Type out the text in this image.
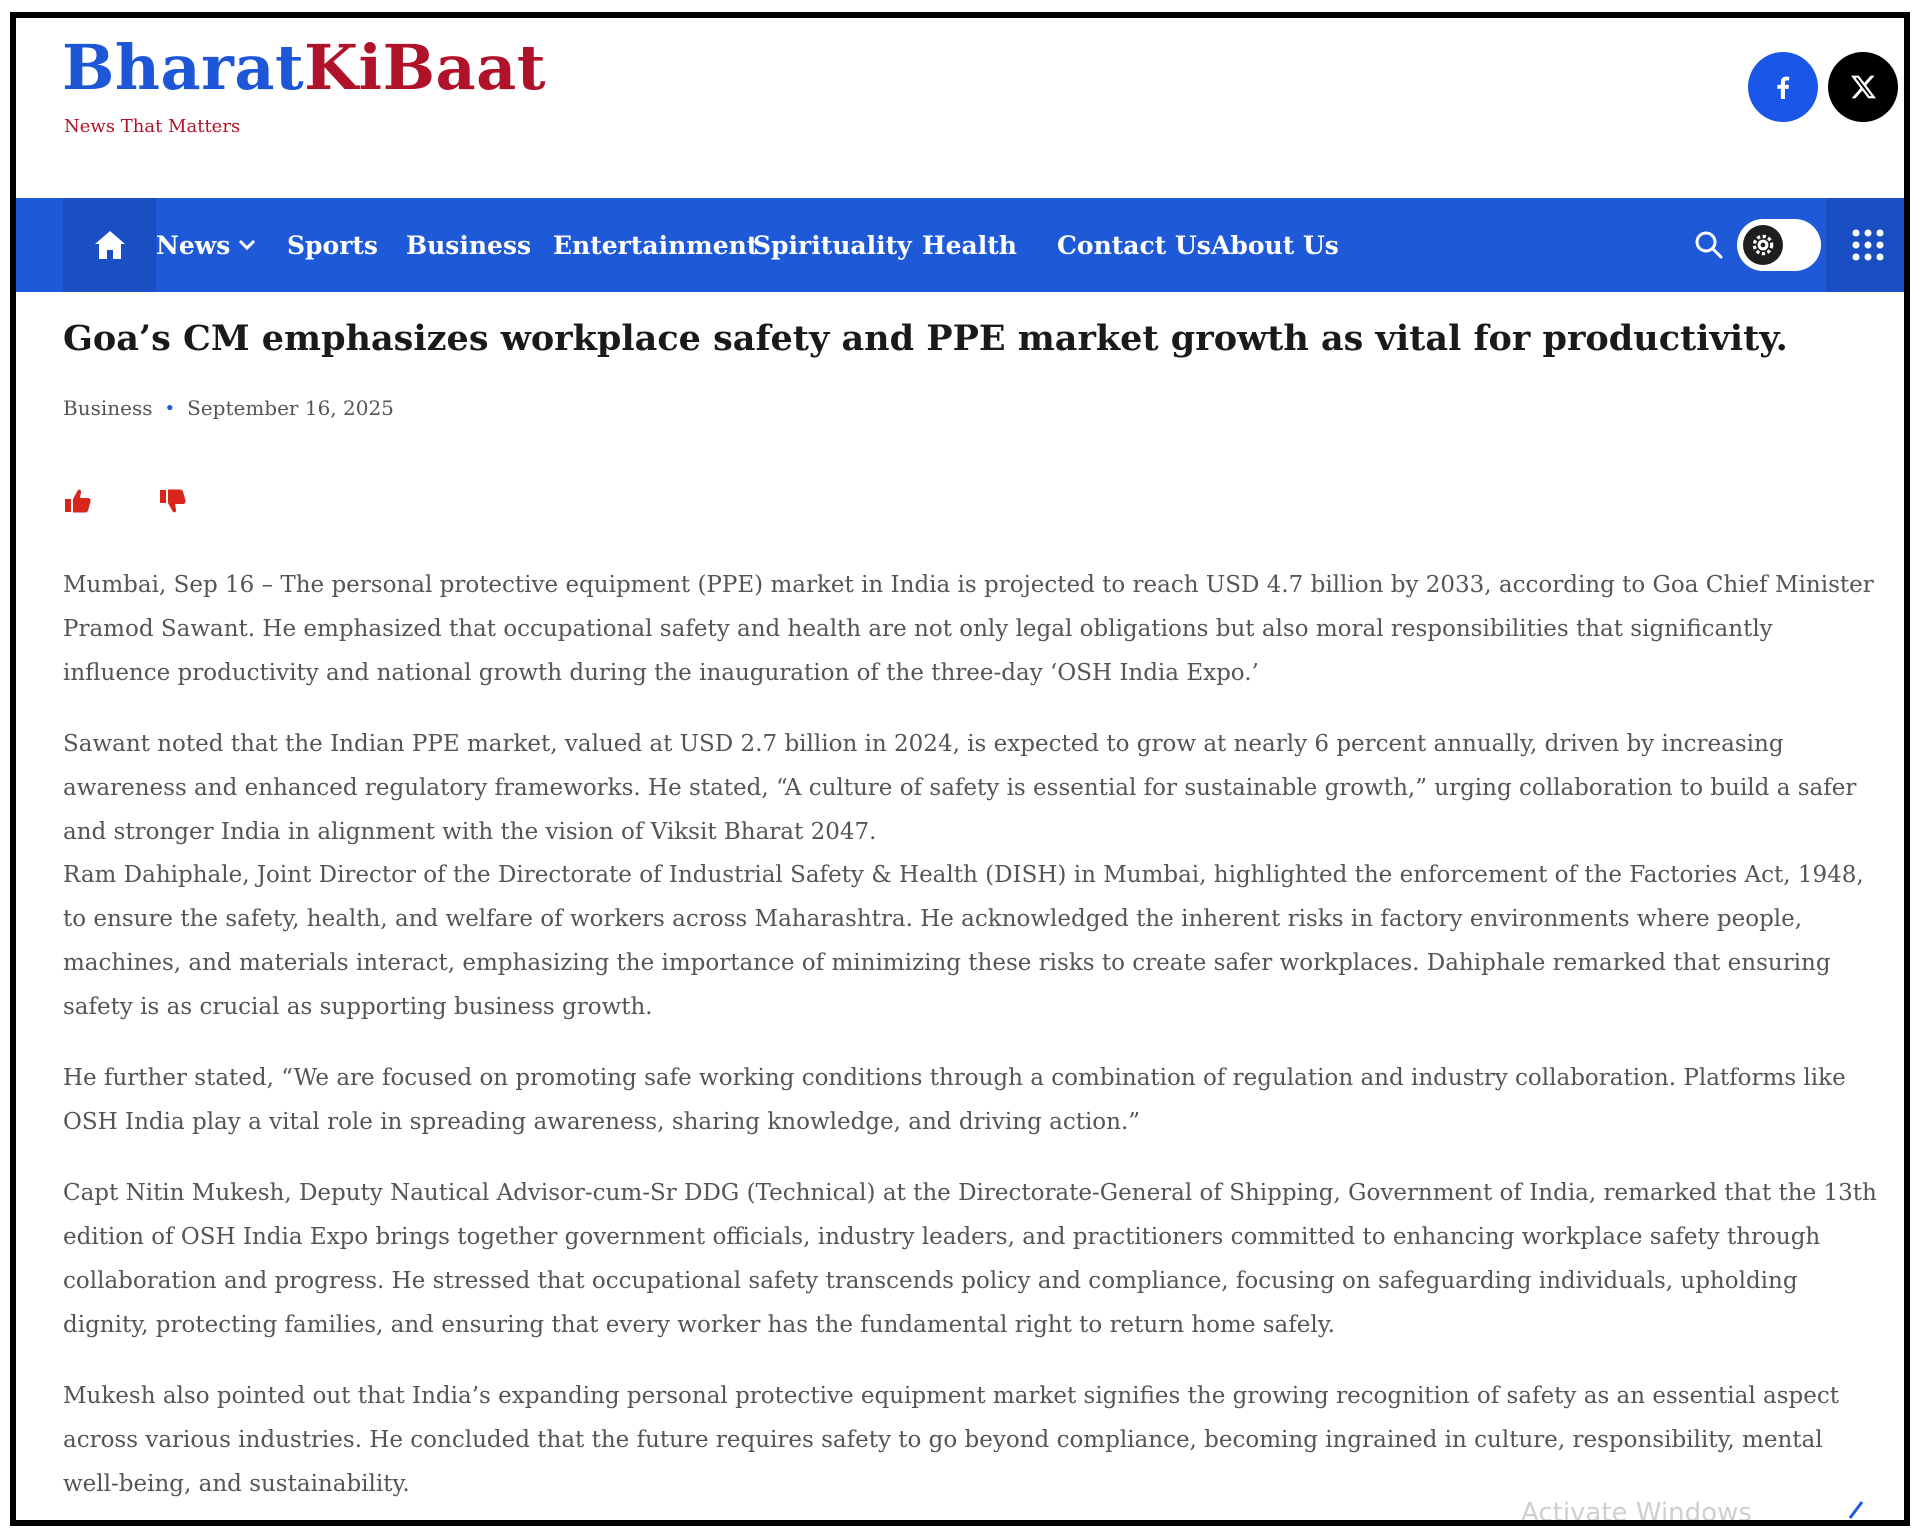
BharatKiBaat
News That Matters
News Sports Business Entertainment
Spirituality Health Contact Us About Us
Goa’s CM emphasizes workplace safety and PPE market growth as vital for productivity.
Business • September 16, 2025

Mumbai, Sep 16 – The personal protective equipment (PPE) market in India is projected to reach USD 4.7 billion by 2033, according to Goa Chief Minister Pramod Sawant. He emphasized that occupational safety and health are not only legal obligations but also moral responsibilities that significantly influence productivity and national growth during the inauguration of the three-day ‘OSH India Expo.’

Sawant noted that the Indian PPE market, valued at USD 2.7 billion in 2024, is expected to grow at nearly 6 percent annually, driven by increasing awareness and enhanced regulatory frameworks. He stated, “A culture of safety is essential for sustainable growth,” urging collaboration to build a safer and stronger India in alignment with the vision of Viksit Bharat 2047.

Ram Dahiphale, Joint Director of the Directorate of Industrial Safety & Health (DISH) in Mumbai, highlighted the enforcement of the Factories Act, 1948, to ensure the safety, health, and welfare of workers across Maharashtra. He acknowledged the inherent risks in factory environments where people, machines, and materials interact, emphasizing the importance of minimizing these risks to create safer workplaces. Dahiphale remarked that ensuring safety is as crucial as supporting business growth.

He further stated, “We are focused on promoting safe working conditions through a combination of regulation and industry collaboration. Platforms like OSH India play a vital role in spreading awareness, sharing knowledge, and driving action.”

Capt Nitin Mukesh, Deputy Nautical Advisor-cum-Sr DDG (Technical) at the Directorate-General of Shipping, Government of India, remarked that the 13th edition of OSH India Expo brings together government officials, industry leaders, and practitioners committed to enhancing workplace safety through collaboration and progress. He stressed that occupational safety transcends policy and compliance, focusing on safeguarding individuals, upholding dignity, protecting families, and ensuring that every worker has the fundamental right to return home safely.

Mukesh also pointed out that India’s expanding personal protective equipment market signifies the growing recognition of safety as an essential aspect across various industries. He concluded that the future requires safety to go beyond compliance, becoming ingrained in culture, responsibility, mental well-being, and sustainability.

Activate Windows
